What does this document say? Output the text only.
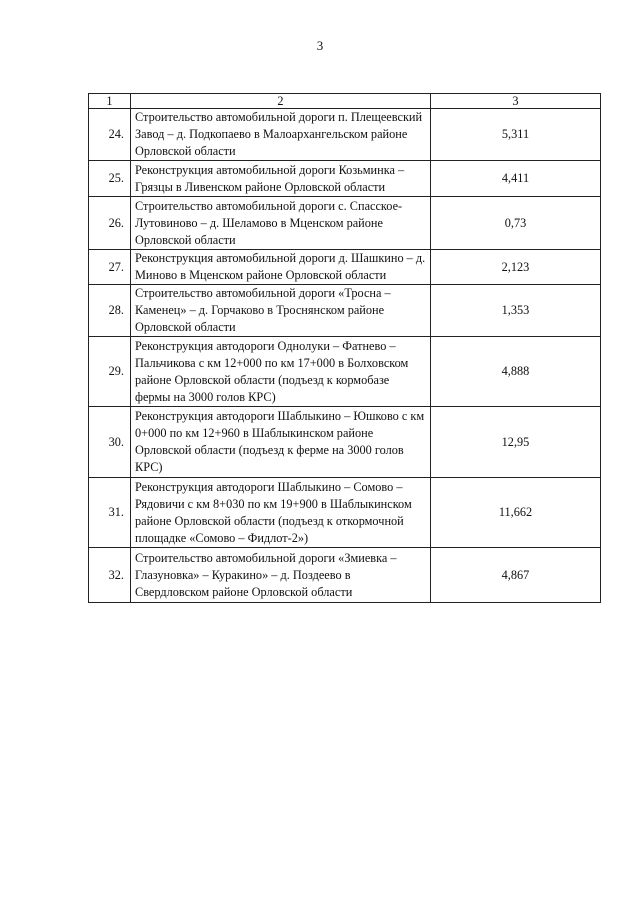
3
1	2	3
24.	Строительство автомобильной дороги п. Плещеевский Завод – д. Подкопаево в Малоархангельском районе Орловской области	5,311
25.	Реконструкция автомобильной дороги Козьминка – Грязцы в Ливенском районе Орловской области	4,411
26.	Строительство автомобильной дороги с. Спасское-Лутовиново – д. Шеламово в Мценском районе Орловской области	0,73
27.	Реконструкция автомобильной дороги д. Шашкино – д. Миново в Мценском районе Орловской области	2,123
28.	Строительство автомобильной дороги «Тросна – Каменец» – д. Горчаково в Троснянском районе Орловской области	1,353
29.	Реконструкция автодороги Однолуки – Фатнево – Пальчикова с км 12+000 по км 17+000 в Болховском районе Орловской области (подъезд к кормобазе фермы на 3000 голов КРС)	4,888
30.	Реконструкция автодороги Шаблыкино – Юшково с км 0+000 по км 12+960 в Шаблыкинском районе Орловской области (подъезд к ферме на 3000 голов КРС)	12,95
31.	Реконструкция автодороги Шаблыкино – Сомово – Рядовичи с км 8+030 по км 19+900 в Шаблыкинском районе Орловской области (подъезд к откормочной площадке «Сомово – Фидлот-2»)	11,662
32.	Строительство автомобильной дороги «Змиевка – Глазуновка» – Куракино» – д. Поздеево в Свердловском районе Орловской области	4,867
